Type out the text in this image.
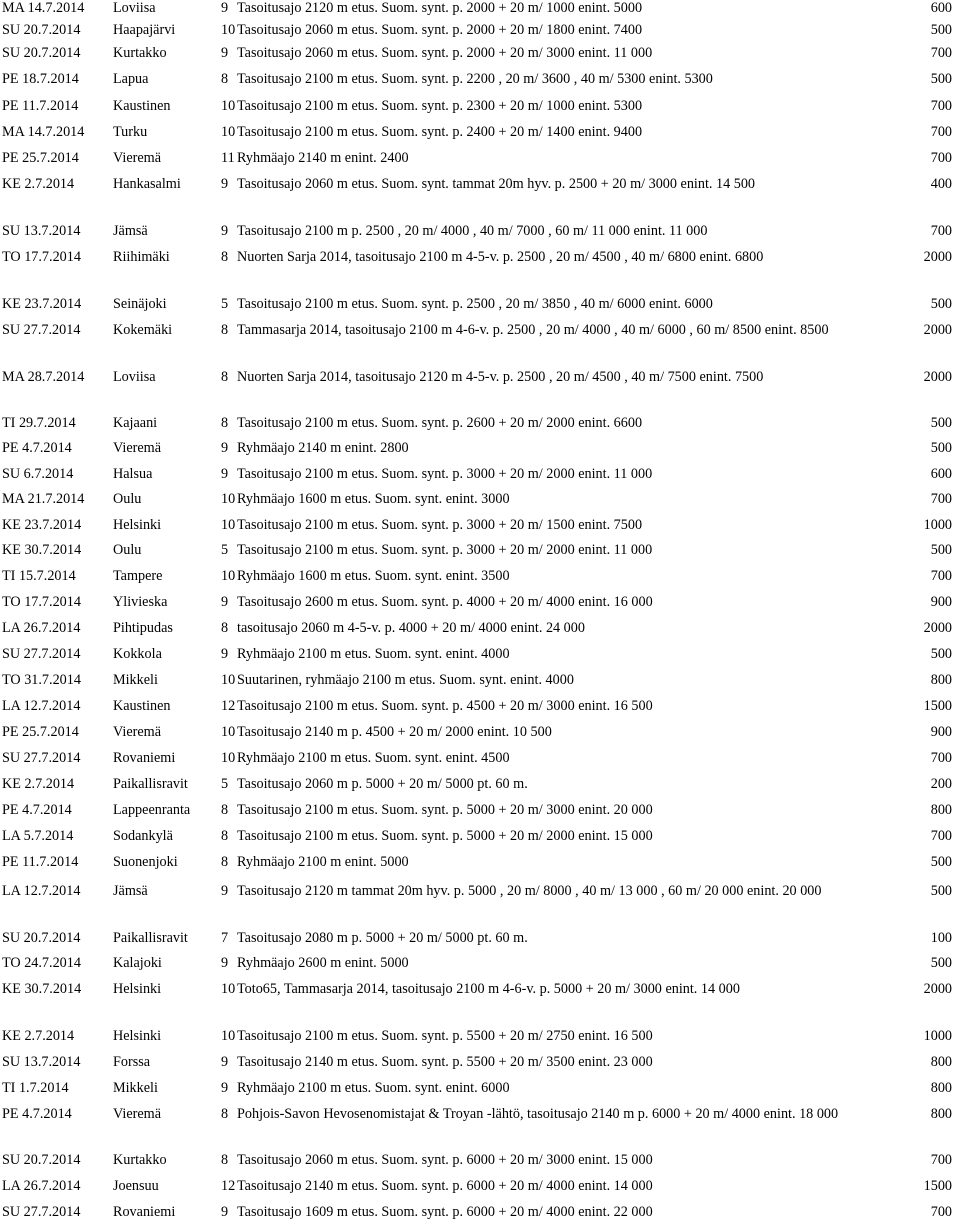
MA 14.7.2014 Loviisa	9 Tasoitusajo 2120 m etus. Suom. synt. p. 2000 + 20 m/ 1000 enint. 5000	600
SU 20.7.2014 Haapajärvi	10 Tasoitusajo 2060 m etus. Suom. synt. p. 2000 + 20 m/ 1800 enint. 7400	500
SU 20.7.2014 Kurtakko	9 Tasoitusajo 2060 m etus. Suom. synt. p. 2000 + 20 m/ 3000 enint. 11 000	700
PE 18.7.2014 Lapua	8 Tasoitusajo 2100 m etus. Suom. synt. p. 2200 , 20 m/ 3600 , 40 m/ 5300 enint. 5300	500
PE 11.7.2014 Kaustinen	10 Tasoitusajo 2100 m etus. Suom. synt. p. 2300 + 20 m/ 1000 enint. 5300	700
MA 14.7.2014 Turku	10 Tasoitusajo 2100 m etus. Suom. synt. p. 2400 + 20 m/ 1400 enint. 9400	700
PE 25.7.2014 Vieremä	11 Ryhmäajo 2140 m enint. 2400	700
KE 2.7.2014	Hankasalmi	9 Tasoitusajo 2060 m etus. Suom. synt. tammat 20m hyv. p. 2500 + 20 m/ 3000 enint. 14 500	400
SU 13.7.2014 Jämsä	9 Tasoitusajo 2100 m p. 2500 , 20 m/ 4000 , 40 m/ 7000 , 60 m/ 11 000 enint. 11 000	700
TO 17.7.2014 Riihimäki	8 Nuorten Sarja 2014, tasoitusajo 2100 m 4-5-v. p. 2500 , 20 m/ 4500 , 40 m/ 6800 enint. 6800	2000
KE 23.7.2014 Seinäjoki	5 Tasoitusajo 2100 m etus. Suom. synt. p. 2500 , 20 m/ 3850 , 40 m/ 6000 enint. 6000	500
SU 27.7.2014 Kokemäki	8 Tammasarja 2014, tasoitusajo 2100 m 4-6-v. p. 2500 , 20 m/ 4000 , 40 m/ 6000 , 60 m/ 8500 enint. 8500	2000
MA 28.7.2014 Loviisa	8 Nuorten Sarja 2014, tasoitusajo 2120 m 4-5-v. p. 2500 , 20 m/ 4500 , 40 m/ 7500 enint. 7500	2000
TI 29.7.2014	Kajaani	8 Tasoitusajo 2100 m etus. Suom. synt. p. 2600 + 20 m/ 2000 enint. 6600	500
PE 4.7.2014	Vieremä	9 Ryhmäajo 2140 m enint. 2800	500
SU 6.7.2014	Halsua	9 Tasoitusajo 2100 m etus. Suom. synt. p. 3000 + 20 m/ 2000 enint. 11 000	600
MA 21.7.2014 Oulu	10 Ryhmäajo 1600 m etus. Suom. synt. enint. 3000	700
KE 23.7.2014 Helsinki	10 Tasoitusajo 2100 m etus. Suom. synt. p. 3000 + 20 m/ 1500 enint. 7500	1000
KE 30.7.2014 Oulu	5 Tasoitusajo 2100 m etus. Suom. synt. p. 3000 + 20 m/ 2000 enint. 11 000	500
TI 15.7.2014	Tampere	10 Ryhmäajo 1600 m etus. Suom. synt. enint. 3500	700
TO 17.7.2014 Ylivieska	9 Tasoitusajo 2600 m etus. Suom. synt. p. 4000 + 20 m/ 4000 enint. 16 000	900
LA 26.7.2014 Pihtipudas	8 tasoitusajo 2060 m 4-5-v. p. 4000 + 20 m/ 4000 enint. 24 000	2000
SU 27.7.2014 Kokkola	9 Ryhmäajo 2100 m etus. Suom. synt. enint. 4000	500
TO 31.7.2014 Mikkeli	10 Suutarinen, ryhmäajo 2100 m etus. Suom. synt. enint. 4000	800
LA 12.7.2014 Kaustinen	12 Tasoitusajo 2100 m etus. Suom. synt. p. 4500 + 20 m/ 3000 enint. 16 500	1500
PE 25.7.2014 Vieremä	10 Tasoitusajo 2140 m p. 4500 + 20 m/ 2000 enint. 10 500	900
SU 27.7.2014 Rovaniemi	10 Ryhmäajo 2100 m etus. Suom. synt. enint. 4500	700
KE 2.7.2014	Paikallisravit 5 Tasoitusajo 2060 m p. 5000 + 20 m/ 5000 pt. 60 m.	200
PE 4.7.2014	Lappeenranta 8 Tasoitusajo 2100 m etus. Suom. synt. p. 5000 + 20 m/ 3000 enint. 20 000	800
LA 5.7.2014	Sodankylä	8 Tasoitusajo 2100 m etus. Suom. synt. p. 5000 + 20 m/ 2000 enint. 15 000	700
PE 11.7.2014 Suonenjoki	8 Ryhmäajo 2100 m enint. 5000	500
LA 12.7.2014 Jämsä	9 Tasoitusajo 2120 m tammat 20m hyv. p. 5000 , 20 m/ 8000 , 40 m/ 13 000 , 60 m/ 20 000 enint. 20 000	500
SU 20.7.2014 Paikallisravit 7 Tasoitusajo 2080 m p. 5000 + 20 m/ 5000 pt. 60 m.	100
TO 24.7.2014 Kalajoki	9 Ryhmäajo 2600 m enint. 5000	500
KE 30.7.2014 Helsinki	10 Toto65, Tammasarja 2014, tasoitusajo 2100 m 4-6-v. p. 5000 + 20 m/ 3000 enint. 14 000	2000
KE 2.7.2014	Helsinki	10 Tasoitusajo 2100 m etus. Suom. synt. p. 5500 + 20 m/ 2750 enint. 16 500	1000
SU 13.7.2014 Forssa	9 Tasoitusajo 2140 m etus. Suom. synt. p. 5500 + 20 m/ 3500 enint. 23 000	800
TI 1.7.2014	Mikkeli	9 Ryhmäajo 2100 m etus. Suom. synt. enint. 6000	800
PE 4.7.2014	Vieremä	8 Pohjois-Savon Hevosenomistajat & Troyan -lähtö, tasoitusajo 2140 m p. 6000 + 20 m/ 4000 enint. 18 000	800
SU 20.7.2014 Kurtakko	8 Tasoitusajo 2060 m etus. Suom. synt. p. 6000 + 20 m/ 3000 enint. 15 000	700
LA 26.7.2014 Joensuu	12 Tasoitusajo 2140 m etus. Suom. synt. p. 6000 + 20 m/ 4000 enint. 14 000	1500
SU 27.7.2014 Rovaniemi	9 Tasoitusajo 1609 m etus. Suom. synt. p. 6000 + 20 m/ 4000 enint. 22 000	700
